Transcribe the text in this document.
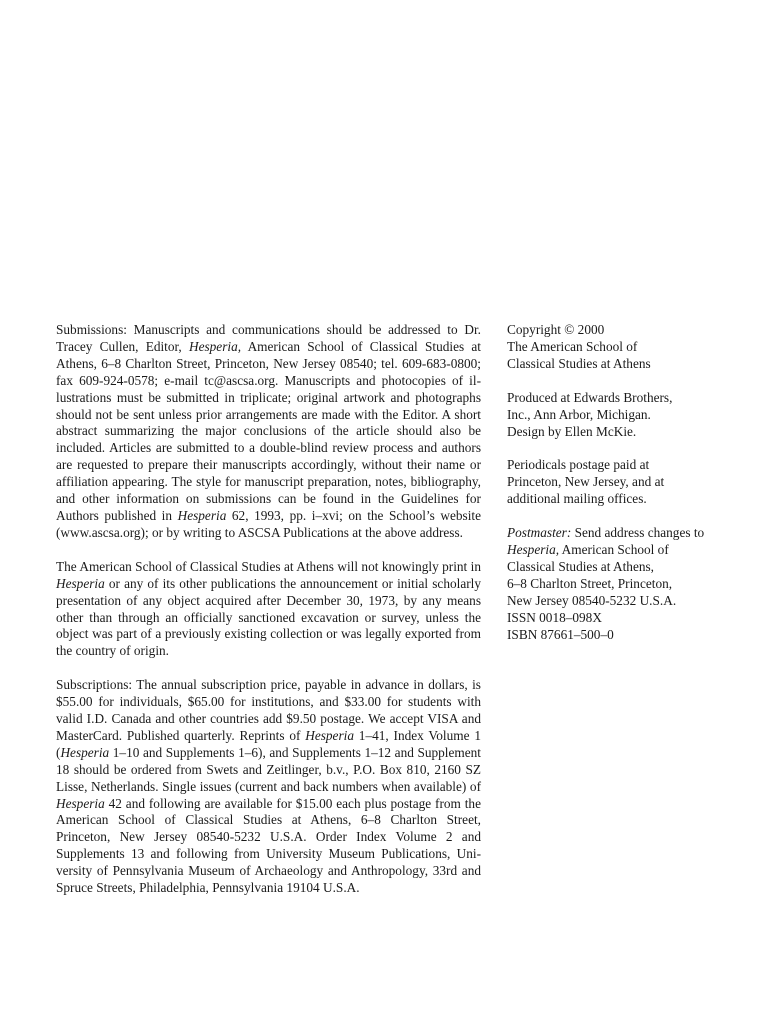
Submissions: Manuscripts and communications should be addressed to Dr. Tracey Cullen, Editor, Hesperia, American School of Classical Studies at Athens, 6–8 Charlton Street, Princeton, New Jersey 08540; tel. 609-683-0800; fax 609-924-0578; e-mail tc@ascsa.org. Manuscripts and photocopies of illustrations must be submitted in triplicate; original artwork and photographs should not be sent unless prior arrangements are made with the Editor. A short abstract summarizing the major conclusions of the article should also be included. Articles are submitted to a double-blind review process and authors are requested to prepare their manuscripts accordingly, without their name or affiliation appearing. The style for manuscript preparation, notes, bibliography, and other information on submissions can be found in the Guidelines for Authors published in Hesperia 62, 1993, pp. i–xvi; on the School’s website (www.ascsa.org); or by writing to ASCSA Publications at the above address.

The American School of Classical Studies at Athens will not knowingly print in Hesperia or any of its other publications the announcement or initial scholarly presentation of any object acquired after December 30, 1973, by any means other than through an officially sanctioned excavation or survey, unless the object was part of a previously existing collection or was legally exported from the country of origin.

Subscriptions: The annual subscription price, payable in advance in dollars, is $55.00 for individuals, $65.00 for institutions, and $33.00 for students with valid I.D. Canada and other countries add $9.50 postage. We accept VISA and MasterCard. Published quarterly. Reprints of Hesperia 1–41, Index Volume 1 (Hesperia 1–10 and Supplements 1–6), and Supplements 1–12 and Supplement 18 should be ordered from Swets and Zeitlinger, b.v., P.O. Box 810, 2160 SZ Lisse, Netherlands. Single issues (current and back numbers when available) of Hesperia 42 and following are available for $15.00 each plus postage from the American School of Classical Studies at Athens, 6–8 Charlton Street, Princeton, New Jersey 08540-5232 U.S.A. Order Index Volume 2 and Supplements 13 and following from University Museum Publications, University of Pennsylvania Museum of Archaeology and Anthropology, 33rd and Spruce Streets, Philadelphia, Pennsylvania 19104 U.S.A.

Copyright © 2000
The American School of
Classical Studies at Athens

Produced at Edwards Brothers,
Inc., Ann Arbor, Michigan.
Design by Ellen McKie.

Periodicals postage paid at
Princeton, New Jersey, and at
additional mailing offices.

Postmaster: Send address changes to
Hesperia, American School of
Classical Studies at Athens,
6–8 Charlton Street, Princeton,
New Jersey 08540-5232 U.S.A.
ISSN 0018–098X
ISBN 87661–500–0
